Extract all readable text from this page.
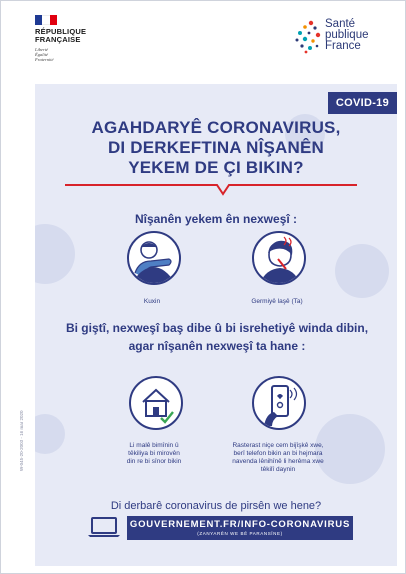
RÉPUBLIQUE
FRANÇAISE
Liberté
Égalité
Fraternité
Santé
publique
France
COVID-19
AGAHDARYÊ CORONAVIRUS,
DI DERKEFTINA NÎŞANÊN
YEKEM DE ÇI BIKIN?
Nîşanên yekem ên nexweşî :
Kuxin	Germiyê laşê (Ta)
Bi giştî, nexweşî baş dibe û bi isrehetiyê winda dibin,
agar nîşanên nexweşî ta hane :
Li malê bimînin û
têkiliya bi mirovên
din re bi sînor bikin
Rasterast niçe cem bijîşkê xwe,
berî telefon bikin an bi hejmara
navenda lênihînê li herêma xwe
têkilî daynin
Di derbarê coronavirus de pirsên we hene?
GOUVERNEMENT.FR/INFO-CORONAVIRUS
(ZANYARÊN WE BÊ PARANSÎNE)
W-045-20-2003 - 16 mar 2020
